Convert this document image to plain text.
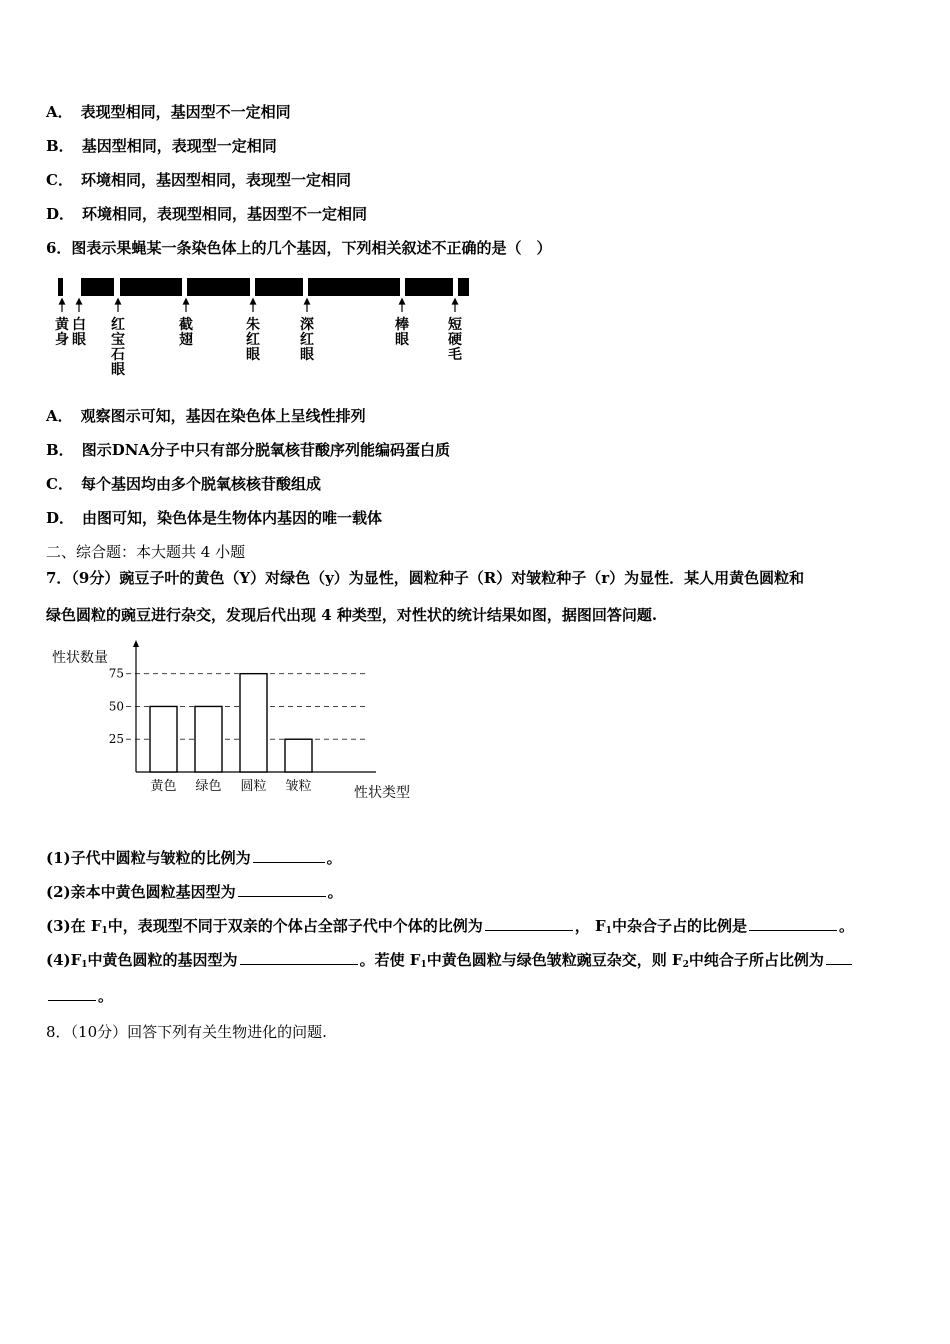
A． 表现型相同，基因型不一定相同
B． 基因型相同，表现型一定相同
C． 环境相同，基因型相同，表现型一定相同
D． 环境相同，表现型相同，基因型不一定相同
6．图表示果蝇某一条染色体上的几个基因，下列相关叙述不正确的是（　）
黄身
白眼
红宝石眼
截翅
朱红眼
深红眼
棒眼
短硬毛
A． 观察图示可知，基因在染色体上呈线性排列
B． 图示DNA分子中只有部分脱氧核苷酸序列能编码蛋白质
C． 每个基因均由多个脱氧核核苷酸组成
D． 由图可知，染色体是生物体内基因的唯一载体
二、综合题：本大题共 4 小题
7．（9分）豌豆子叶的黄色（Y）对绿色（y）为显性，圆粒种子（R）对皱粒种子（r）为显性．某人用黄色圆粒和
绿色圆粒的豌豆进行杂交，发现后代出现 4 种类型，对性状的统计结果如图，据图回答问题.
25
50
75
黄色 绿色 圆粒 皱粒
性状数量
性状类型
(1)子代中圆粒与皱粒的比例为	。
(2)亲本中黄色圆粒基因型为	。
(3)在 $F_1$中，表现型不同于双亲的个体占全部子代中个体的比例为	， $F_1$中杂合子占的比例是	。
$(4)F_1$中黄色圆粒的基因型为	。若使 $F_1$中黄色圆粒与绿色皱粒豌豆杂交，则 $F_2$中纯合子所占比例为
。
8．（10分）回答下列有关生物进化的问题.
